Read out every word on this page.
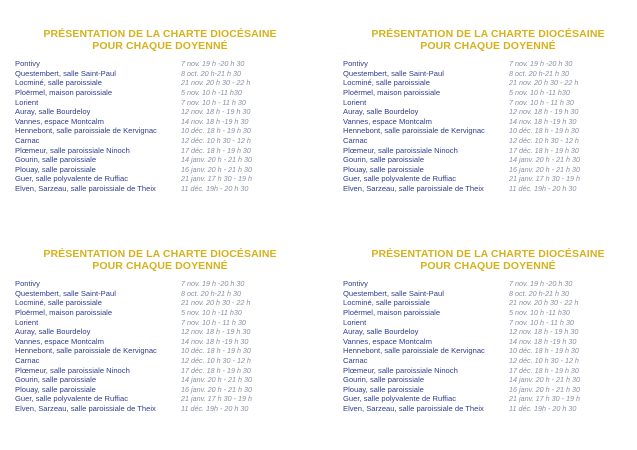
PRÉSENTATION DE LA CHARTE DIOCÉSAINE
POUR CHAQUE DOYENNÉ
Pontivy	7 nov. 19 h -20 h 30
Questembert, salle Saint-Paul	8 oct. 20 h-21 h 30
Locminé, salle paroissiale	21 nov. 20 h 30 - 22 h
Ploërmel, maison paroissiale	5 nov. 10 h -11 h30
Lorient	7 nov. 10 h - 11 h 30
Auray, salle Bourdeloy	12 nov. 18 h - 19 h 30
Vannes, espace Montcalm	14 nov. 18 h -19 h 30
Hennebont, salle paroissiale de Kervignac	10 déc. 18 h - 19 h 30
Carnac	12 déc. 10 h 30 - 12 h
Plœmeur, salle paroissiale Ninoch	17 déc. 18 h - 19 h 30
Gourin, salle paroissiale	14 janv. 20 h - 21 h 30
Plouay, salle paroissiale	16 janv. 20 h - 21 h 30
Guer, salle polyvalente de Ruffiac	21 janv. 17 h 30 - 19 h
Elven, Sarzeau, salle paroissiale de Theix	11 déc. 19h - 20 h 30
PRÉSENTATION DE LA CHARTE DIOCÉSAINE
POUR CHAQUE DOYENNÉ
Pontivy	7 nov. 19 h -20 h 30
Questembert, salle Saint-Paul	8 oct. 20 h-21 h 30
Locminé, salle paroissiale	21 nov. 20 h 30 - 22 h
Ploërmel, maison paroissiale	5 nov. 10 h -11 h30
Lorient	7 nov. 10 h - 11 h 30
Auray, salle Bourdeloy	12 nov. 18 h - 19 h 30
Vannes, espace Montcalm	14 nov. 18 h -19 h 30
Hennebont, salle paroissiale de Kervignac	10 déc. 18 h - 19 h 30
Carnac	12 déc. 10 h 30 - 12 h
Plœmeur, salle paroissiale Ninoch	17 déc. 18 h - 19 h 30
Gourin, salle paroissiale	14 janv. 20 h - 21 h 30
Plouay, salle paroissiale	16 janv. 20 h - 21 h 30
Guer, salle polyvalente de Ruffiac	21 janv. 17 h 30 - 19 h
Elven, Sarzeau, salle paroissiale de Theix	11 déc. 19h - 20 h 30
PRÉSENTATION DE LA CHARTE DIOCÉSAINE
POUR CHAQUE DOYENNÉ
Pontivy	7 nov. 19 h -20 h 30
Questembert, salle Saint-Paul	8 oct. 20 h-21 h 30
Locminé, salle paroissiale	21 nov. 20 h 30 - 22 h
Ploërmel, maison paroissiale	5 nov. 10 h -11 h30
Lorient	7 nov. 10 h - 11 h 30
Auray, salle Bourdeloy	12 nov. 18 h - 19 h 30
Vannes, espace Montcalm	14 nov. 18 h -19 h 30
Hennebont, salle paroissiale de Kervignac	10 déc. 18 h - 19 h 30
Carnac	12 déc. 10 h 30 - 12 h
Plœmeur, salle paroissiale Ninoch	17 déc. 18 h - 19 h 30
Gourin, salle paroissiale	14 janv. 20 h - 21 h 30
Plouay, salle paroissiale	16 janv. 20 h - 21 h 30
Guer, salle polyvalente de Ruffiac	21 janv. 17 h 30 - 19 h
Elven, Sarzeau, salle paroissiale de Theix	11 déc. 19h - 20 h 30
PRÉSENTATION DE LA CHARTE DIOCÉSAINE
POUR CHAQUE DOYENNÉ
Pontivy	7 nov. 19 h -20 h 30
Questembert, salle Saint-Paul	8 oct. 20 h-21 h 30
Locminé, salle paroissiale	21 nov. 20 h 30 - 22 h
Ploërmel, maison paroissiale	5 nov. 10 h -11 h30
Lorient	7 nov. 10 h - 11 h 30
Auray, salle Bourdeloy	12 nov. 18 h - 19 h 30
Vannes, espace Montcalm	14 nov. 18 h -19 h 30
Hennebont, salle paroissiale de Kervignac	10 déc. 18 h - 19 h 30
Carnac	12 déc. 10 h 30 - 12 h
Plœmeur, salle paroissiale Ninoch	17 déc. 18 h - 19 h 30
Gourin, salle paroissiale	14 janv. 20 h - 21 h 30
Plouay, salle paroissiale	16 janv. 20 h - 21 h 30
Guer, salle polyvalente de Ruffiac	21 janv. 17 h 30 - 19 h
Elven, Sarzeau, salle paroissiale de Theix	11 déc. 19h - 20 h 30
